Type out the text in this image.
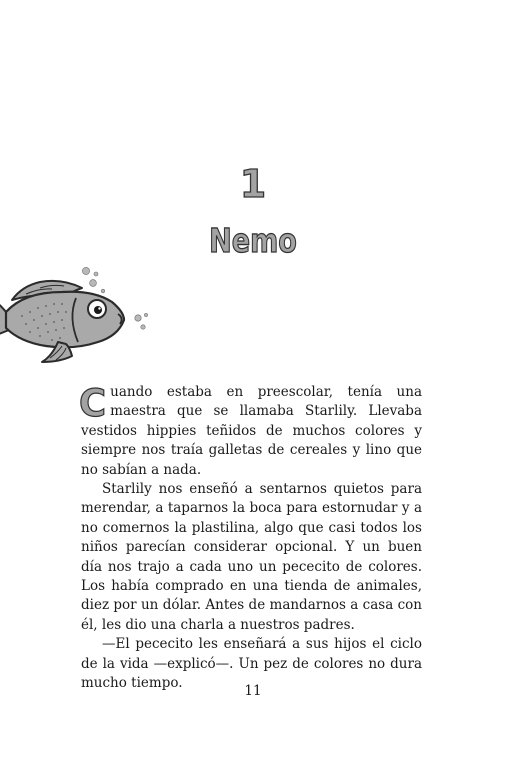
1
Nemo

Cuando estaba en preescolar, tenía una maestra que se llamaba Starlily. Llevaba vestidos hippies teñidos de muchos colores y siempre nos traía galletas de cereales y lino que no sabían a nada.

Starlily nos enseñó a sentarnos quietos para merendar, a taparnos la boca para estornudar y a no comernos la plastilina, algo que casi todos los niños parecían considerar opcional. Y un buen día nos trajo a cada uno un pececito de colores. Los había comprado en una tienda de animales, diez por un dólar. Antes de mandarnos a casa con él, les dio una charla a nuestros padres.

—El pececito les enseñará a sus hijos el ciclo de la vida —explicó—. Un pez de colores no dura mucho tiempo.	11
